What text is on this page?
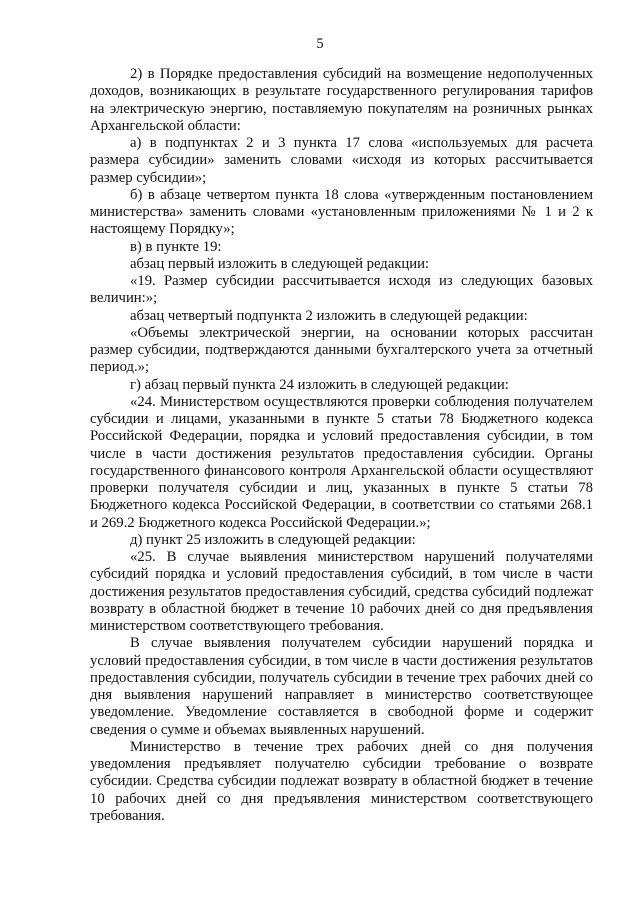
5

2) в Порядке предоставления субсидий на возмещение недополученных доходов, возникающих в результате государственного регулирования тарифов на электрическую энергию, поставляемую покупателям на розничных рынках Архангельской области:

а) в подпунктах 2 и 3 пункта 17 слова «используемых для расчета размера субсидии» заменить словами «исходя из которых рассчитывается размер субсидии»;

б) в абзаце четвертом пункта 18 слова «утвержденным постановлением министерства» заменить словами «установленным приложениями № 1 и 2 к настоящему Порядку»;

в) в пункте 19:

абзац первый изложить в следующей редакции:

«19. Размер субсидии рассчитывается исходя из следующих базовых величин:»;

абзац четвертый подпункта 2 изложить в следующей редакции:

«Объемы электрической энергии, на основании которых рассчитан размер субсидии, подтверждаются данными бухгалтерского учета за отчетный период.»;

г) абзац первый пункта 24 изложить в следующей редакции:

«24. Министерством осуществляются проверки соблюдения получателем субсидии и лицами, указанными в пункте 5 статьи 78 Бюджетного кодекса Российской Федерации, порядка и условий предоставления субсидии, в том числе в части достижения результатов предоставления субсидии. Органы государственного финансового контроля Архангельской области осуществляют проверки получателя субсидии и лиц, указанных в пункте 5 статьи 78 Бюджетного кодекса Российской Федерации, в соответствии со статьями 268.1 и 269.2 Бюджетного кодекса Российской Федерации.»;

д) пункт 25 изложить в следующей редакции:

«25. В случае выявления министерством нарушений получателями субсидий порядка и условий предоставления субсидий, в том числе в части достижения результатов предоставления субсидий, средства субсидий подлежат возврату в областной бюджет в течение 10 рабочих дней со дня предъявления министерством соответствующего требования.

В случае выявления получателем субсидии нарушений порядка и условий предоставления субсидии, в том числе в части достижения результатов предоставления субсидии, получатель субсидии в течение трех рабочих дней со дня выявления нарушений направляет в министерство соответствующее уведомление. Уведомление составляется в свободной форме и содержит сведения о сумме и объемах выявленных нарушений.

Министерство в течение трех рабочих дней со дня получения уведомления предъявляет получателю субсидии требование о возврате субсидии. Средства субсидии подлежат возврату в областной бюджет в течение 10 рабочих дней со дня предъявления министерством соответствующего требования.
